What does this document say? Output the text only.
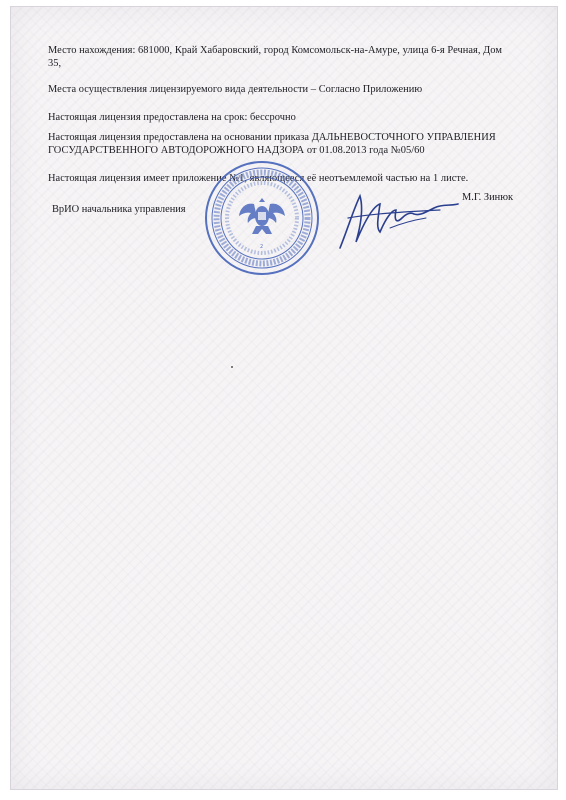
Место нахождения: 681000, Край Хабаровский, город Комсомольск-на-Амуре, улица 6-я Речная, Дом 35,
Места осуществления лицензируемого вида деятельности – Согласно Приложению
Настоящая лицензия предоставлена на срок: бессрочно
Настоящая лицензия предоставлена на основании приказа ДАЛЬНЕВОСТОЧНОГО УПРАВЛЕНИЯ
ГОСУДАРСТВЕННОГО АВТОДОРОЖНОГО НАДЗОРА от 01.08.2013 года №05/60
Настоящая лицензия имеет приложение №1, являющееся её неотъемлемой частью на 1 листе.
ВрИО начальника управления
М.Г. Зинюк
2
